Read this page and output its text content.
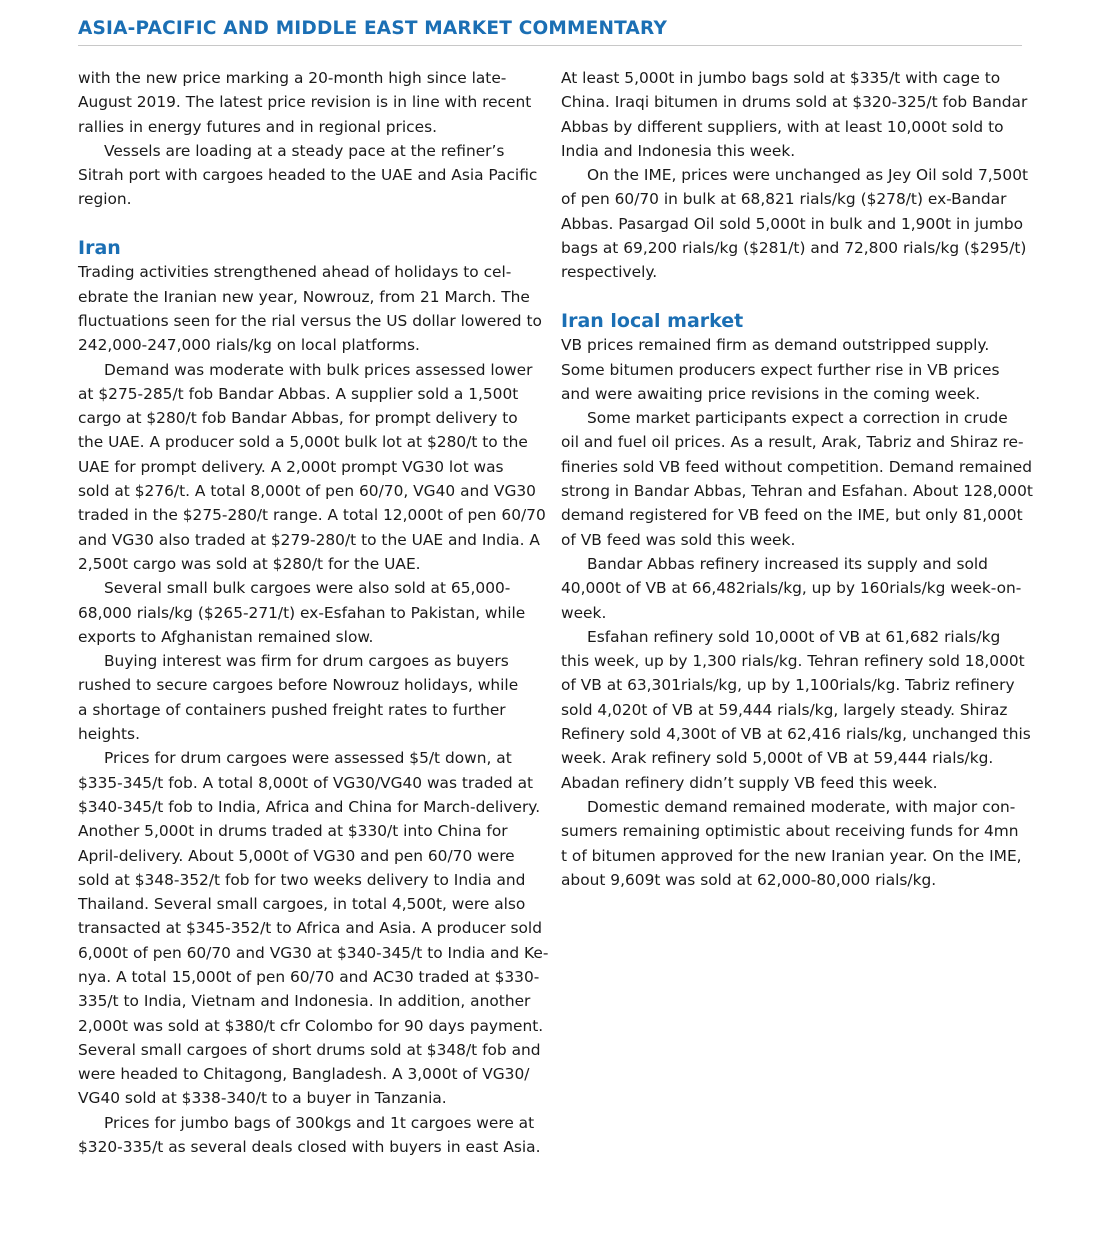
ASIA-PACIFIC AND MIDDLE EAST MARKET COMMENTARY
with the new price marking a 20-month high since late-
August 2019. The latest price revision is in line with recent
rallies in energy futures and in regional prices.
Vessels are loading at a steady pace at the refiner’s
Sitrah port with cargoes headed to the UAE and Asia Pacific
region.
Iran
Trading activities strengthened ahead of holidays to cel-
ebrate the Iranian new year, Nowrouz, from 21 March. The
fluctuations seen for the rial versus the US dollar lowered to
242,000-247,000 rials/kg on local platforms.
Demand was moderate with bulk prices assessed lower
at $275-285/t fob Bandar Abbas. A supplier sold a 1,500t
cargo at $280/t fob Bandar Abbas, for prompt delivery to
the UAE. A producer sold a 5,000t bulk lot at $280/t to the
UAE for prompt delivery. A 2,000t prompt VG30 lot was
sold at $276/t. A total 8,000t of pen 60/70, VG40 and VG30
traded in the $275-280/t range. A total 12,000t of pen 60/70
and VG30 also traded at $279-280/t to the UAE and India. A
2,500t cargo was sold at $280/t for the UAE.
Several small bulk cargoes were also sold at 65,000-
68,000 rials/kg ($265-271/t) ex-Esfahan to Pakistan, while
exports to Afghanistan remained slow.
Buying interest was firm for drum cargoes as buyers
rushed to secure cargoes before Nowrouz holidays, while
a shortage of containers pushed freight rates to further
heights.
Prices for drum cargoes were assessed $5/t down, at
$335-345/t fob. A total 8,000t of VG30/VG40 was traded at
$340-345/t fob to India, Africa and China for March-delivery.
Another 5,000t in drums traded at $330/t into China for
April-delivery. About 5,000t of VG30 and pen 60/70 were
sold at $348-352/t fob for two weeks delivery to India and
Thailand. Several small cargoes, in total 4,500t, were also
transacted at $345-352/t to Africa and Asia. A producer sold
6,000t of pen 60/70 and VG30 at $340-345/t to India and Ke-
nya. A total 15,000t of pen 60/70 and AC30 traded at $330-
335/t to India, Vietnam and Indonesia. In addition, another
2,000t was sold at $380/t cfr Colombo for 90 days payment.
Several small cargoes of short drums sold at $348/t fob and
were headed to Chitagong, Bangladesh. A 3,000t of VG30/
VG40 sold at $338-340/t to a buyer in Tanzania.
Prices for jumbo bags of 300kgs and 1t cargoes were at
$320-335/t as several deals closed with buyers in east Asia.
At least 5,000t in jumbo bags sold at $335/t with cage to
China. Iraqi bitumen in drums sold at $320-325/t fob Bandar
Abbas by different suppliers, with at least 10,000t sold to
India and Indonesia this week.
On the IME, prices were unchanged as Jey Oil sold 7,500t
of pen 60/70 in bulk at 68,821 rials/kg ($278/t) ex-Bandar
Abbas. Pasargad Oil sold 5,000t in bulk and 1,900t in jumbo
bags at 69,200 rials/kg ($281/t) and 72,800 rials/kg ($295/t)
respectively.
Iran local market
VB prices remained firm as demand outstripped supply.
Some bitumen producers expect further rise in VB prices
and were awaiting price revisions in the coming week.
Some market participants expect a correction in crude
oil and fuel oil prices. As a result, Arak, Tabriz and Shiraz re-
fineries sold VB feed without competition. Demand remained
strong in Bandar Abbas, Tehran and Esfahan. About 128,000t
demand registered for VB feed on the IME, but only 81,000t
of VB feed was sold this week.
Bandar Abbas refinery increased its supply and sold
40,000t of VB at 66,482rials/kg, up by 160rials/kg week-on-
week.
Esfahan refinery sold 10,000t of VB at 61,682 rials/kg
this week, up by 1,300 rials/kg. Tehran refinery sold 18,000t
of VB at 63,301rials/kg, up by 1,100rials/kg. Tabriz refinery
sold 4,020t of VB at 59,444 rials/kg, largely steady. Shiraz
Refinery sold 4,300t of VB at 62,416 rials/kg, unchanged this
week. Arak refinery sold 5,000t of VB at 59,444 rials/kg.
Abadan refinery didn’t supply VB feed this week.
Domestic demand remained moderate, with major con-
sumers remaining optimistic about receiving funds for 4mn
t of bitumen approved for the new Iranian year. On the IME,
about 9,609t was sold at 62,000-80,000 rials/kg.
